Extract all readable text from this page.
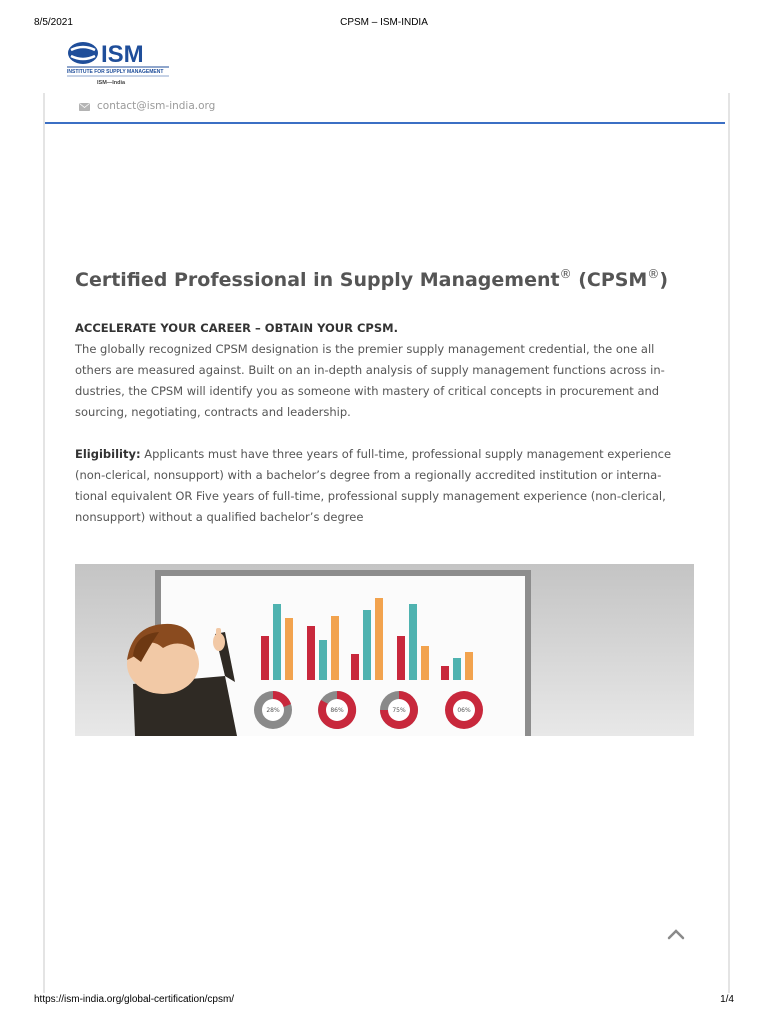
8/5/2021	CPSM – ISM-INDIA
ISM
INSTITUTE FOR SUPPLY MANAGEMENT
ISM—India
contact@ism-india.org
Certified Professional in Supply Management® (CPSM®)
ACCELERATE YOUR CAREER – OBTAIN YOUR CPSM.
The globally recognized CPSM designation is the premier supply management credential, the one all
others are measured against. Built on an in-depth analysis of supply management functions across in-
dustries, the CPSM will identify you as someone with mastery of critical concepts in procurement and
sourcing, negotiating, contracts and leadership.
Eligibility: Applicants must have three years of full-time, professional supply management experience
(non-clerical, nonsupport) with a bachelor’s degree from a regionally accredited institution or interna-
tional equivalent OR Five years of full-time, professional supply management experience (non-clerical,
nonsupport) without a qualified bachelor’s degree
28%	86%	75%	06%
https://ism-india.org/global-certification/cpsm/	1/4
